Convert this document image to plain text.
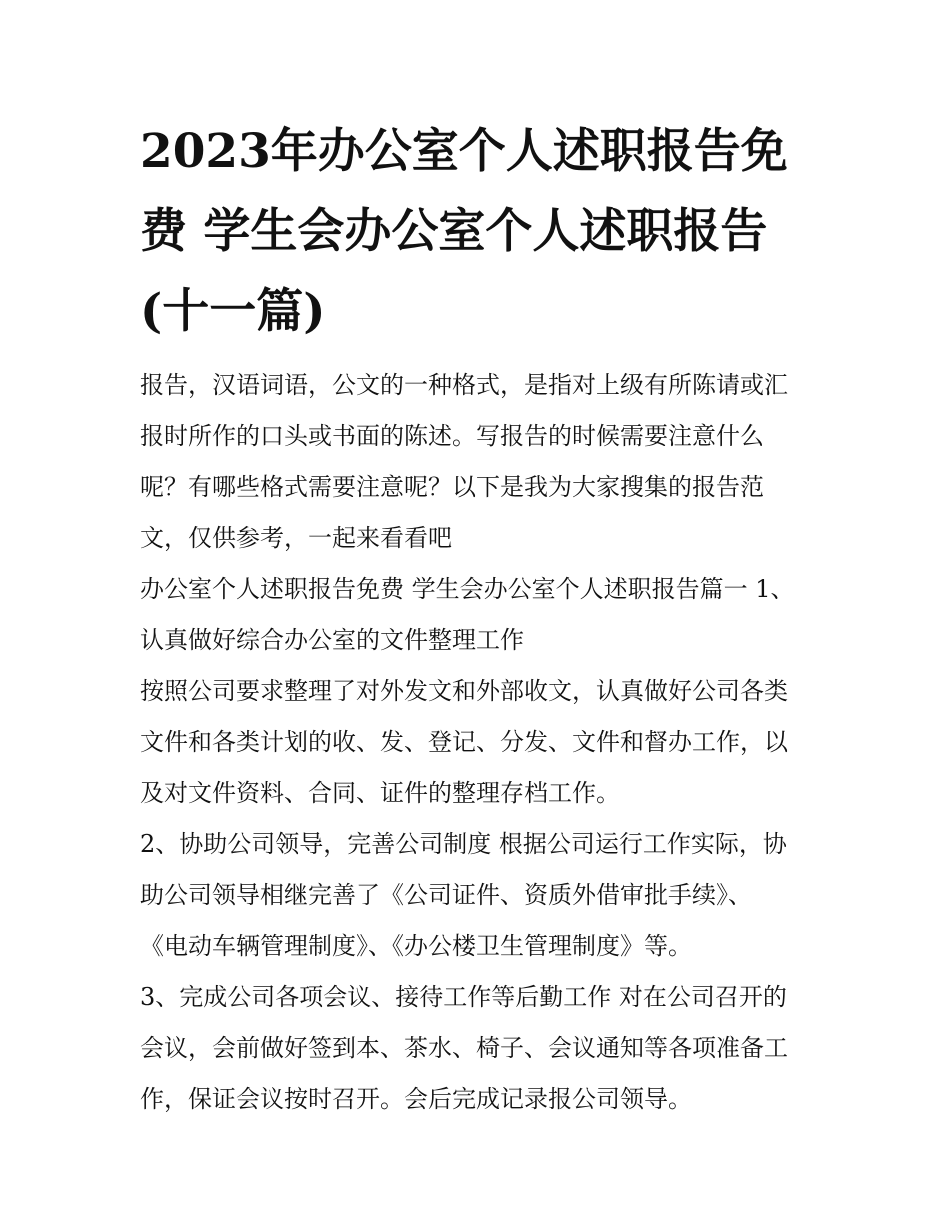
2023年办公室个人述职报告免
费 学生会办公室个人述职报告
(十一篇)

报告，汉语词语，公文的一种格式，是指对上级有所陈请或汇
报时所作的口头或书面的陈述。写报告的时候需要注意什么
呢？有哪些格式需要注意呢？以下是我为大家搜集的报告范
文，仅供参考，一起来看看吧

办公室个人述职报告免费 学生会办公室个人述职报告篇一 1、
认真做好综合办公室的文件整理工作

按照公司要求整理了对外发文和外部收文，认真做好公司各类
文件和各类计划的收、发、登记、分发、文件和督办工作，以
及对文件资料、合同、证件的整理存档工作。

2、协助公司领导，完善公司制度 根据公司运行工作实际，协
助公司领导相继完善了《公司证件、资质外借审批手续》、
《电动车辆管理制度》、《办公楼卫生管理制度》等。

3、完成公司各项会议、接待工作等后勤工作 对在公司召开的
会议，会前做好签到本、茶水、椅子、会议通知等各项准备工
作，保证会议按时召开。会后完成记录报公司领导。
